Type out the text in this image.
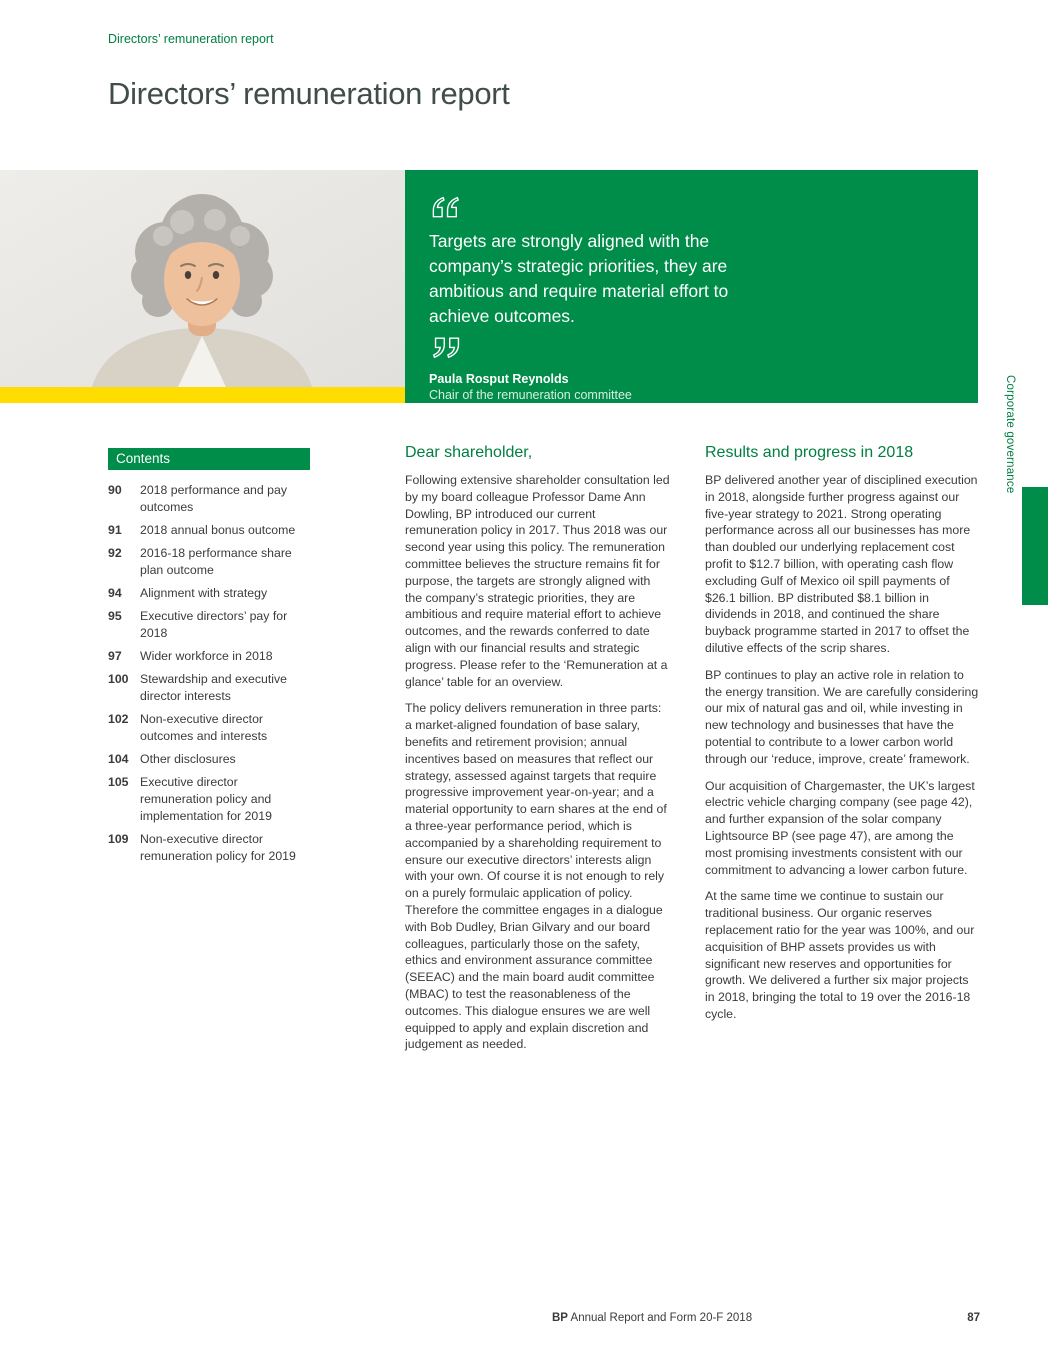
Directors’ remuneration report
Directors’ remuneration report
Targets are strongly aligned with the company’s strategic priorities, they are ambitious and require material effort to achieve outcomes.
Paula Rosput Reynolds
Chair of the remuneration committee	Corporate governance
Contents
90	2018 performance and pay outcomes
91	2018 annual bonus outcome
92	2016-18 performance share plan outcome
94	Alignment with strategy
95	Executive directors’ pay for 2018
97	Wider workforce in 2018
100 Stewardship and executive director interests
102 Non-executive director outcomes and interests
104 Other disclosures
105 Executive director remuneration policy and implementation for 2019
109 Non-executive director remuneration policy for 2019
Dear shareholder,

Following extensive shareholder consultation led by my board colleague Professor Dame Ann Dowling, BP introduced our current remuneration policy in 2017. Thus 2018 was our second year using this policy. The remuneration committee believes the structure remains fit for purpose, the targets are strongly aligned with the company’s strategic priorities, they are ambitious and require material effort to achieve outcomes, and the rewards conferred to date align with our financial results and strategic progress. Please refer to the ‘Remuneration at a glance’ table for an overview.

The policy delivers remuneration in three parts: a market-aligned foundation of base salary, benefits and retirement provision; annual incentives based on measures that reflect our strategy, assessed against targets that require progressive improvement year-on-year; and a material opportunity to earn shares at the end of a three-year performance period, which is accompanied by a shareholding requirement to ensure our executive directors’ interests align with your own. Of course it is not enough to rely on a purely formulaic application of policy. Therefore the committee engages in a dialogue with Bob Dudley, Brian Gilvary and our board colleagues, particularly those on the safety, ethics and environment assurance committee (SEEAC) and the main board audit committee (MBAC) to test the reasonableness of the outcomes. This dialogue ensures we are well equipped to apply and explain discretion and judgement as needed.

Results and progress in 2018

BP delivered another year of disciplined execution in 2018, alongside further progress against our five-year strategy to 2021. Strong operating performance across all our businesses has more than doubled our underlying replacement cost profit to $12.7 billion, with operating cash flow excluding Gulf of Mexico oil spill payments of $26.1 billion. BP distributed $8.1 billion in dividends in 2018, and continued the share buyback programme started in 2017 to offset the dilutive effects of the scrip shares.

BP continues to play an active role in relation to the energy transition. We are carefully considering our mix of natural gas and oil, while investing in new technology and businesses that have the potential to contribute to a lower carbon world through our ‘reduce, improve, create’ framework.

Our acquisition of Chargemaster, the UK’s largest electric vehicle charging company (see page 42), and further expansion of the solar company Lightsource BP (see page 47), are among the most promising investments consistent with our commitment to advancing a lower carbon future.

At the same time we continue to sustain our traditional business. Our organic reserves replacement ratio for the year was 100%, and our acquisition of BHP assets provides us with significant new reserves and opportunities for growth. We delivered a further six major projects in 2018, bringing the total to 19 over the 2016-18 cycle.

BP Annual Report and Form 20-F 2018	87
